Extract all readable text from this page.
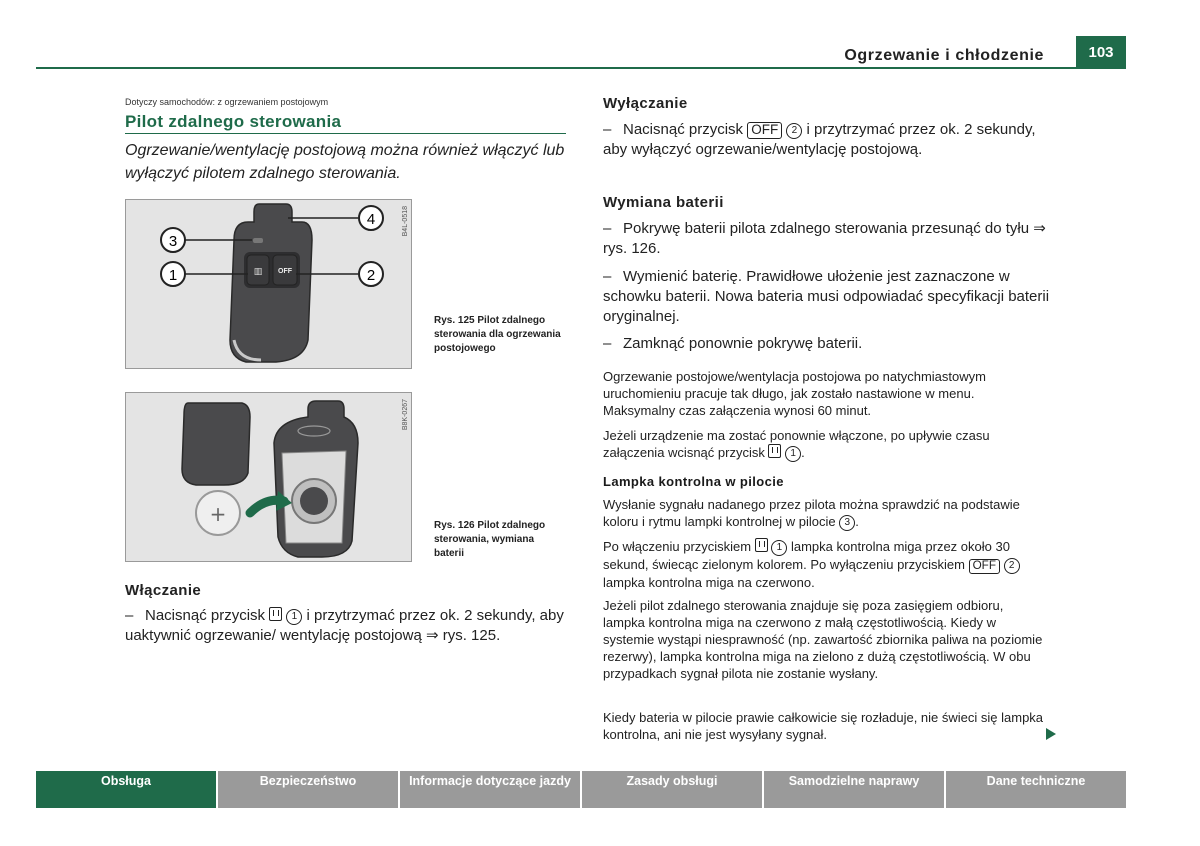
Ogrzewanie i chłodzenie	103
Dotyczy samochodów: z ogrzewaniem postojowym
Pilot zdalnego sterowania
Ogrzewanie/wentylację postojową można również włączyć lub wyłączyć pilotem zdalnego sterowania.
▥ OFF
3
1	2
4	B4L-0518
Rys. 125 Pilot zdalnego sterowania dla ogrzewania postojowego
+
B8K-0267
Rys. 126 Pilot zdalnego sterowania, wymiana baterii
Włączanie
– Nacisnąć przycisk	1 i przytrzymać przez ok. 2 sekundy, aby uaktywnić ogrzewanie/ wentylację postojową ⇒ rys. 125.
Wyłączanie
– Nacisnąć przycisk OFF 2 i przytrzymać przez ok. 2 sekundy, aby wyłączyć ogrzewanie/wentylację postojową.
Wymiana baterii
– Pokrywę baterii pilota zdalnego sterowania przesunąć do tyłu ⇒ rys. 126.
– Wymienić baterię. Prawidłowe ułożenie jest zaznaczone w schowku baterii. Nowa bateria musi odpowiadać specyfikacji baterii oryginalnej.
– Zamknąć ponownie pokrywę baterii.
Ogrzewanie postojowe/wentylacja postojowa po natychmiastowym uruchomieniu pracuje tak długo, jak zostało nastawione w menu. Maksymalny czas załączenia wynosi 60 minut.
Jeżeli urządzenie ma zostać ponownie włączone, po upływie czasu załączenia wcisnąć przycisk	1 .
Lampka kontrolna w pilocie
Wysłanie sygnału nadanego przez pilota można sprawdzić na podstawie koloru i rytmu lampki kontrolnej w pilocie 3 .
Po włączeniu przyciskiem	1 lampka kontrolna miga przez około 30 sekund, świecąc zielonym kolorem. Po wyłączeniu przyciskiem OFF 2 lampka kontrolna miga na czerwono.
Jeżeli pilot zdalnego sterowania znajduje się poza zasięgiem odbioru, lampka kontrolna miga na czerwono z małą częstotliwością. Kiedy w systemie wystąpi niesprawność (np. zawartość zbiornika paliwa na poziomie rezerwy), lampka kontrolna miga na zielono z dużą częstotliwością. W obu przypadkach sygnał pilota nie zostanie wysłany.
Kiedy bateria w pilocie prawie całkowicie się rozładuje, nie świeci się lampka kontrolna, ani nie jest wysyłany sygnał.
Obsługa	Bezpieczeństwo	Informacje dotyczące jazdy	Zasady obsługi	Samodzielne naprawy	Dane techniczne
